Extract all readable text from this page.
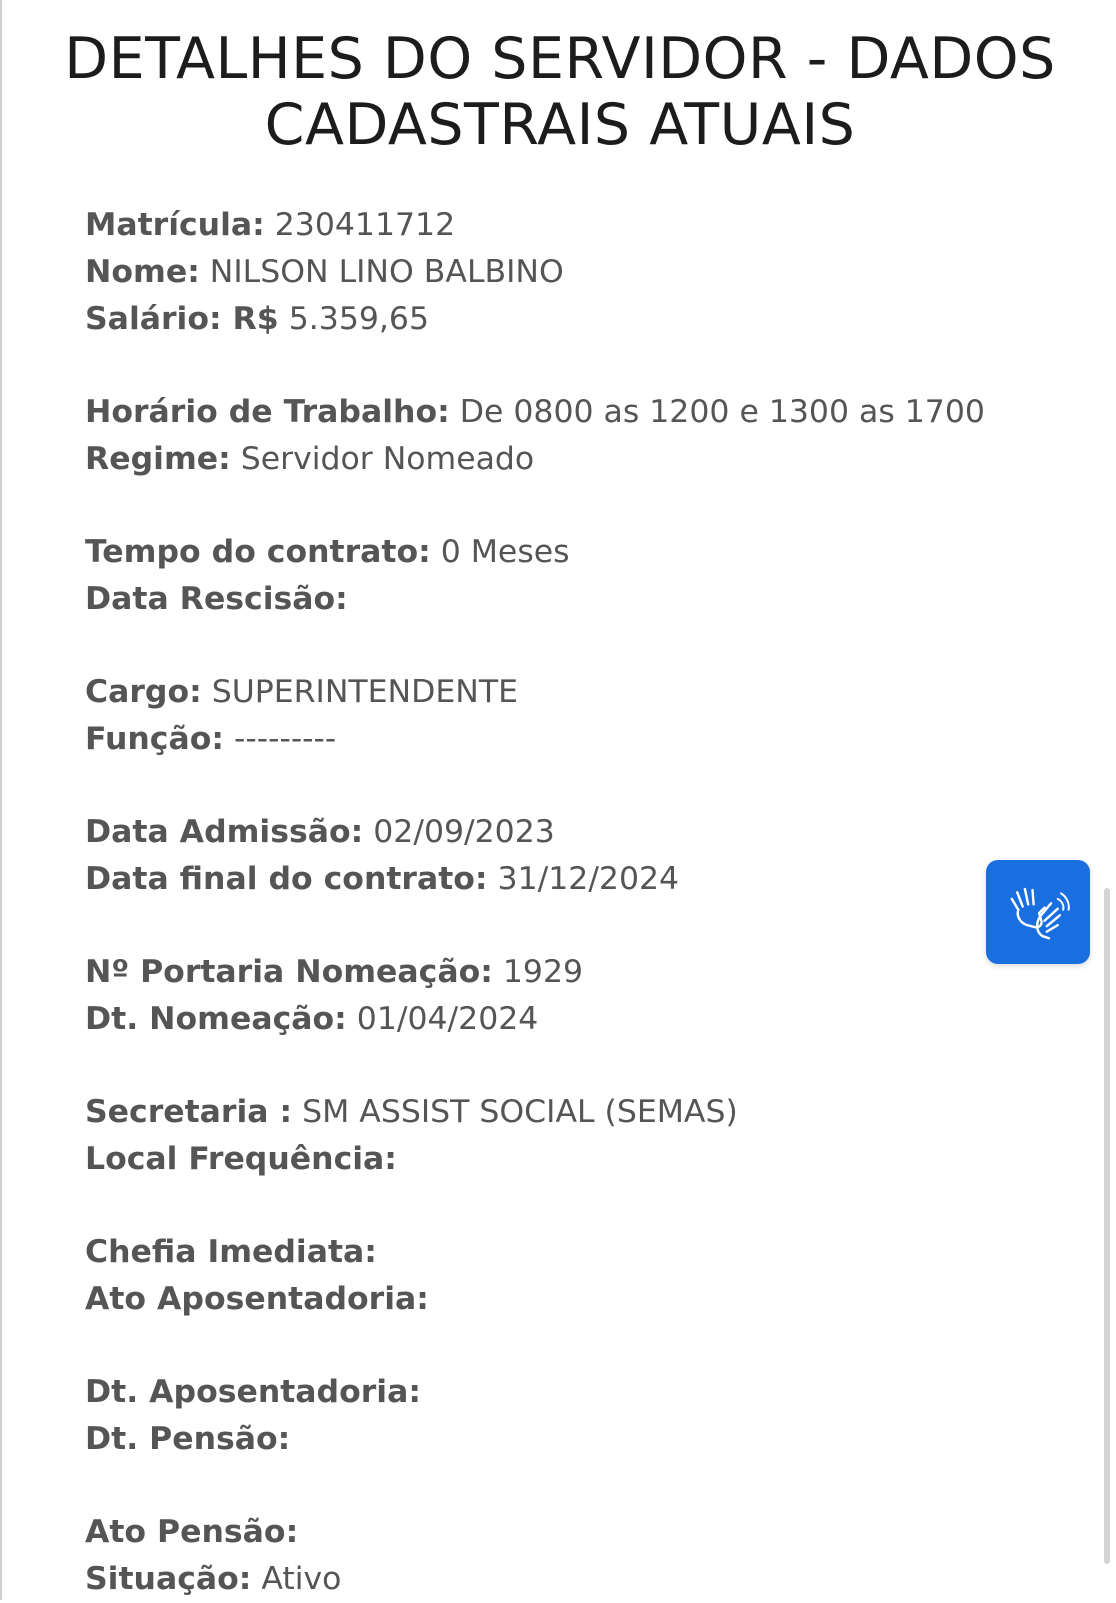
DETALHES DO SERVIDOR - DADOS CADASTRAIS ATUAIS
Matrícula: 230411712
Nome: NILSON LINO BALBINO
Salário: R$ 5.359,65
Horário de Trabalho: De 0800 as 1200 e 1300 as 1700
Regime: Servidor Nomeado
Tempo do contrato: 0 Meses
Data Rescisão:
Cargo: SUPERINTENDENTE
Função: ---------
Data Admissão: 02/09/2023
Data final do contrato: 31/12/2024
Nº Portaria Nomeação: 1929
Dt. Nomeação: 01/04/2024
Secretaria : SM ASSIST SOCIAL (SEMAS)
Local Frequência:
Chefia Imediata:
Ato Aposentadoria:
Dt. Aposentadoria:
Dt. Pensão:
Ato Pensão:
Situação: Ativo
